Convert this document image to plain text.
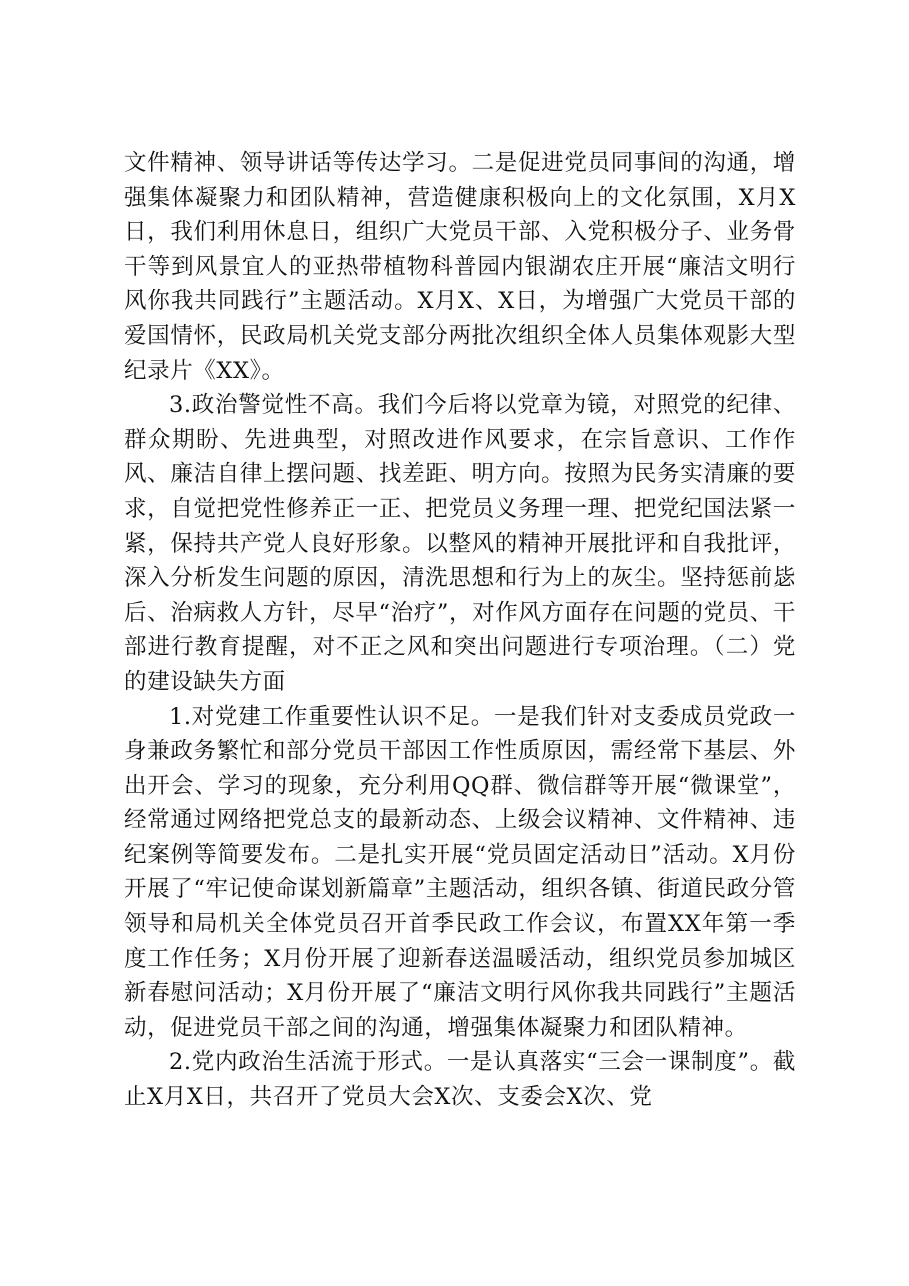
文件精神、领导讲话等传达学习。二是促进党员同事间的沟通，增强集体凝聚力和团队精神，营造健康积极向上的文化氛围，X月X日，我们利用休息日，组织广大党员干部、入党积极分子、业务骨干等到风景宜人的亚热带植物科普园内银湖农庄开展“廉洁文明行风你我共同践行”主题活动。X月X、X日，为增强广大党员干部的爱国情怀，民政局机关党支部分两批次组织全体人员集体观影大型纪录片《XX》。

3.政治警觉性不高。我们今后将以党章为镜，对照党的纪律、群众期盼、先进典型，对照改进作风要求，在宗旨意识、工作作风、廉洁自律上摆问题、找差距、明方向。按照为民务实清廉的要求，自觉把党性修养正一正、把党员义务理一理、把党纪国法紧一紧，保持共产党人良好形象。以整风的精神开展批评和自我批评，深入分析发生问题的原因，清洗思想和行为上的灰尘。坚持惩前毖后、治病救人方针，尽早“治疗”，对作风方面存在问题的党员、干部进行教育提醒，对不正之风和突出问题进行专项治理。（二）党的建设缺失方面

1.对党建工作重要性认识不足。一是我们针对支委成员党政一身兼政务繁忙和部分党员干部因工作性质原因，需经常下基层、外出开会、学习的现象，充分利用QQ群、微信群等开展“微课堂”，经常通过网络把党总支的最新动态、上级会议精神、文件精神、违纪案例等简要发布。二是扎实开展“党员固定活动日”活动。X月份开展了“牢记使命谋划新篇章”主题活动，组织各镇、街道民政分管领导和局机关全体党员召开首季民政工作会议，布置XX年第一季度工作任务；X月份开展了迎新春送温暖活动，组织党员参加城区新春慰问活动；X月份开展了“廉洁文明行风你我共同践行”主题活动，促进党员干部之间的沟通，增强集体凝聚力和团队精神。

2.党内政治生活流于形式。一是认真落实“三会一课制度”。截止X月X日，共召开了党员大会X次、支委会X次、党
